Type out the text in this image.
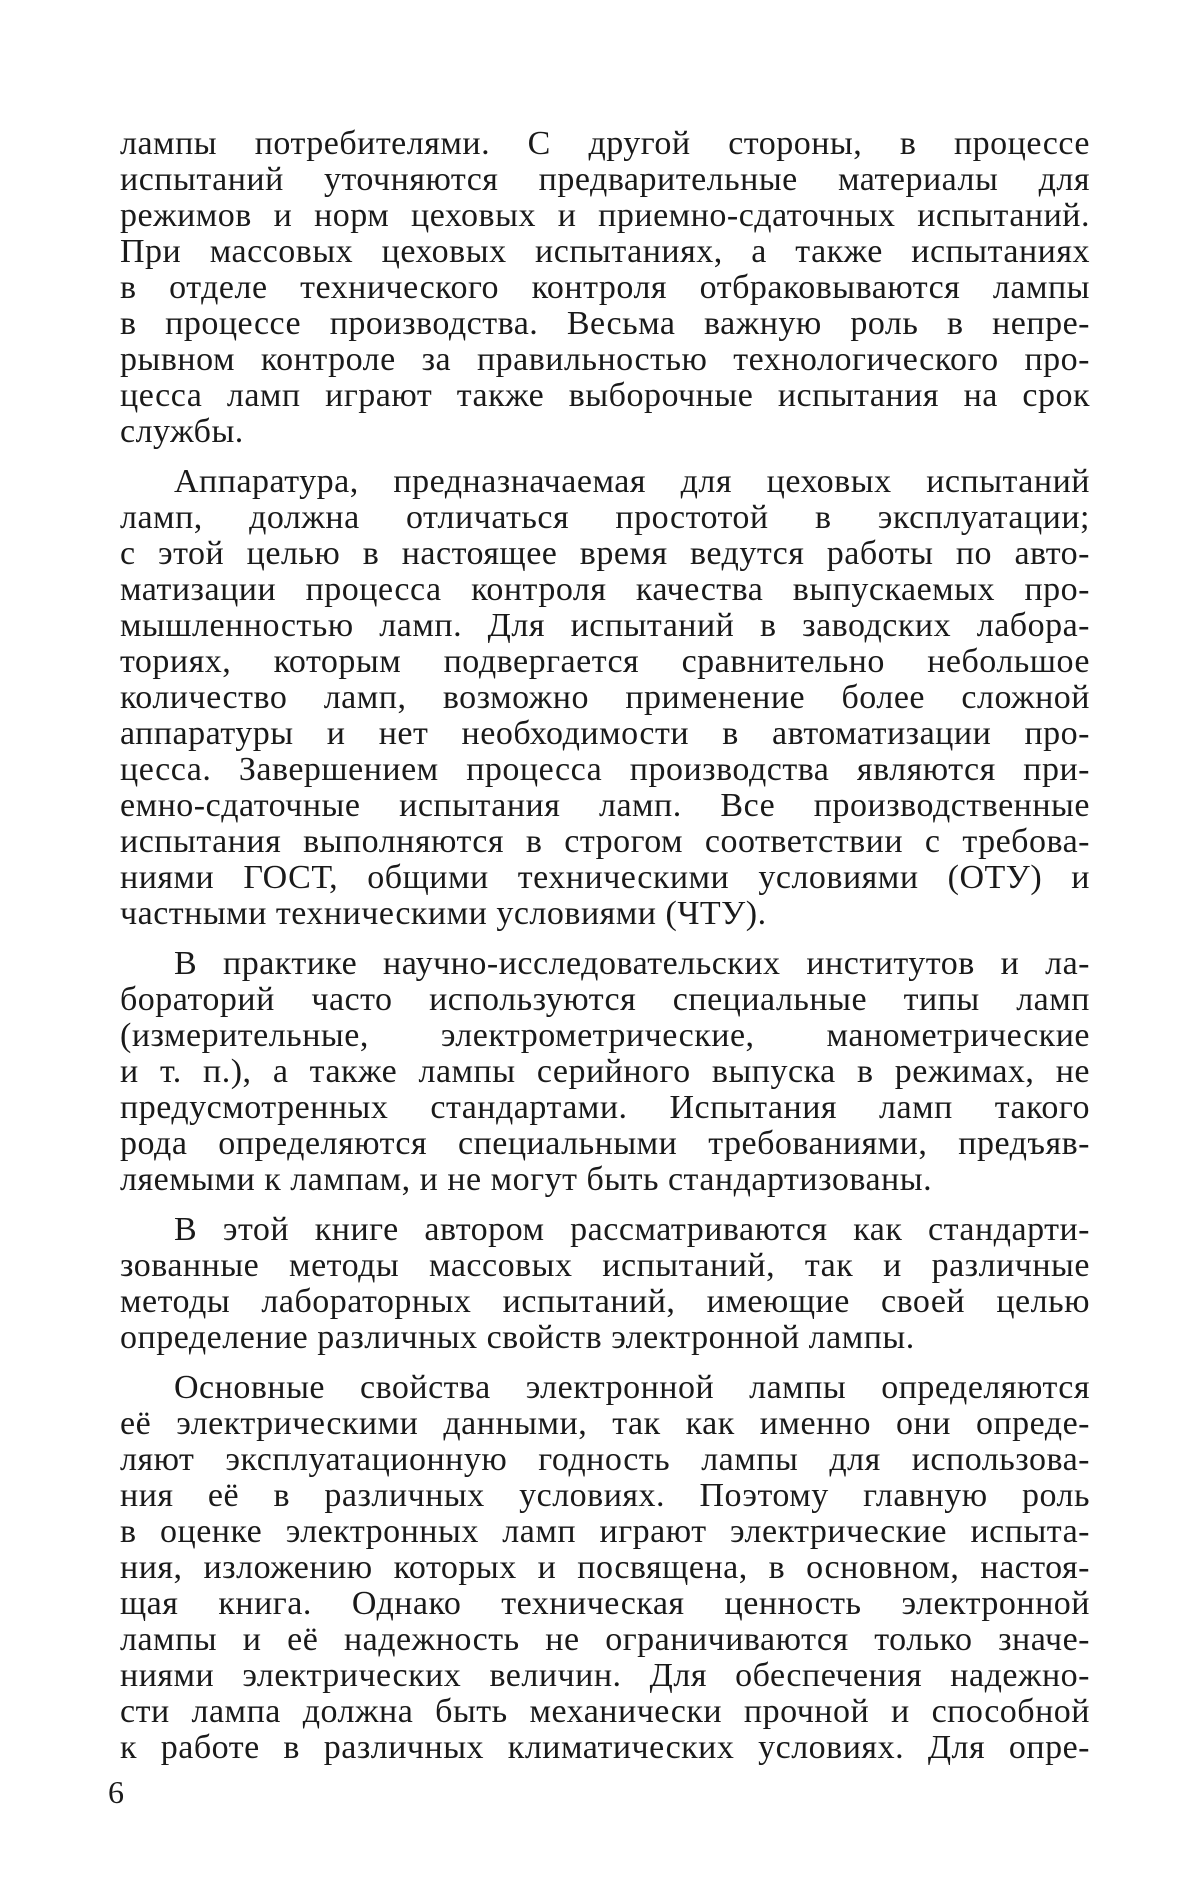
лампы потребителями. С другой стороны, в процессе
испытаний уточняются предварительные материалы для
режимов и норм цеховых и приемно-сдаточных испытаний.
При массовых цеховых испытаниях, а также испытаниях
в отделе технического контроля отбраковываются лампы
в процессе производства. Весьма важную роль в непре-
рывном контроле за правильностью технологического про-
цесса ламп играют также выборочные испытания на срок
службы.

Аппаратура, предназначаемая для цеховых испытаний
ламп, должна отличаться простотой в эксплуатации;
с этой целью в настоящее время ведутся работы по авто-
матизации процесса контроля качества выпускаемых про-
мышленностью ламп. Для испытаний в заводских лабора-
ториях, которым подвергается сравнительно небольшое
количество ламп, возможно применение более сложной
аппаратуры и нет необходимости в автоматизации про-
цесса. Завершением процесса производства являются при-
емно-сдаточные испытания ламп. Все производственные
испытания выполняются в строгом соответствии с требова-
ниями ГОСТ, общими техническими условиями (ОТУ) и
частными техническими условиями (ЧТУ).

В практике научно-исследовательских институтов и ла-
бораторий часто используются специальные типы ламп
(измерительные, электрометрические, манометрические
и т. п.), а также лампы серийного выпуска в режимах, не
предусмотренных стандартами. Испытания ламп такого
рода определяются специальными требованиями, предъяв-
ляемыми к лампам, и не могут быть стандартизованы.

В этой книге автором рассматриваются как стандарти-
зованные методы массовых испытаний, так и различные
методы лабораторных испытаний, имеющие своей целью
определение различных свойств электронной лампы.

Основные свойства электронной лампы определяются
её электрическими данными, так как именно они опреде-
ляют эксплуатационную годность лампы для использова-
ния её в различных условиях. Поэтому главную роль
в оценке электронных ламп играют электрические испыта-
ния, изложению которых и посвящена, в основном, настоя-
щая книга. Однако техническая ценность электронной
лампы и её надежность не ограничиваются только значе-
ниями электрических величин. Для обеспечения надежно-
сти лампа должна быть механически прочной и способной
к работе в различных климатических условиях. Для опре-

6
